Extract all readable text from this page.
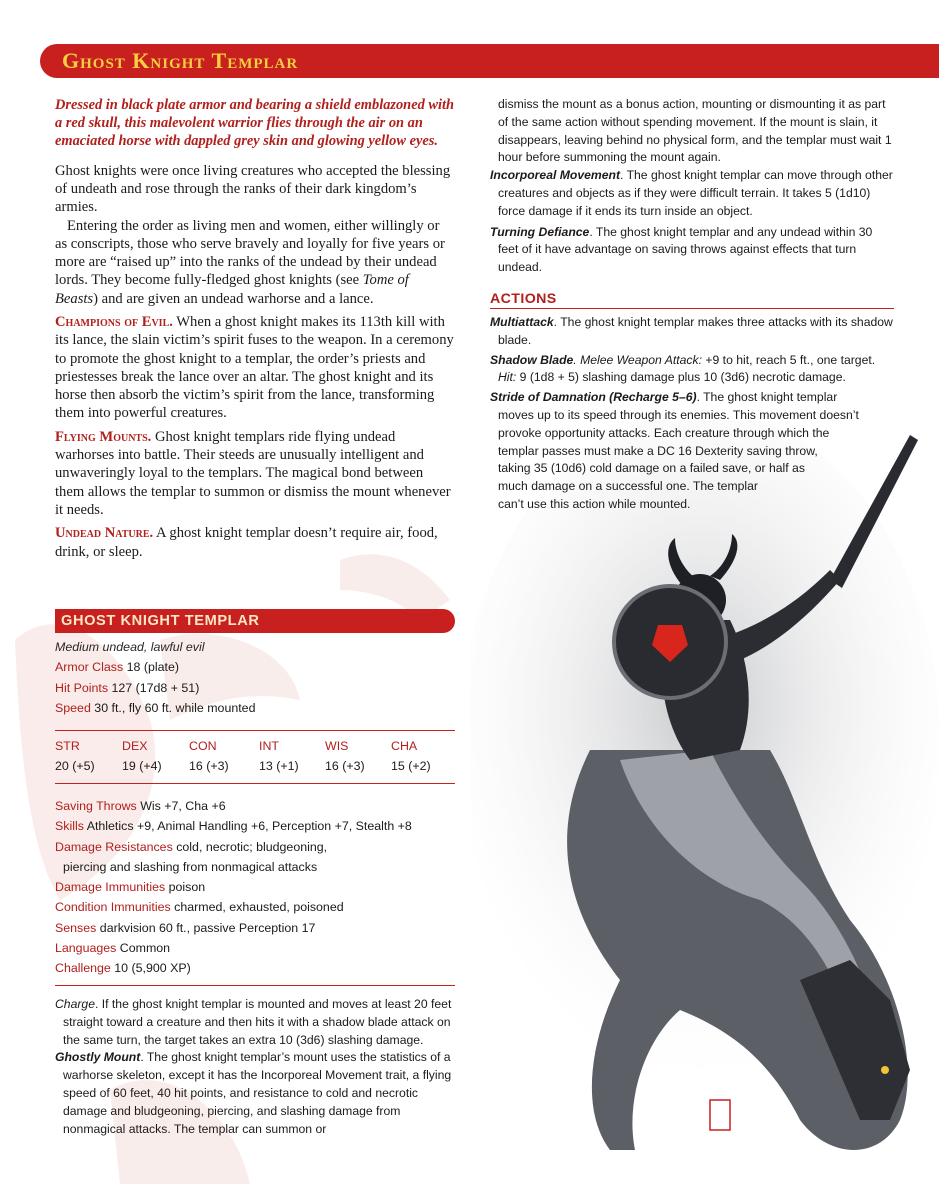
Ghost Knight Templar

Dressed in black plate armor and bearing a shield emblazoned with a red skull, this malevolent warrior flies through the air on an emaciated horse with dappled grey skin and glowing yellow eyes.

Ghost knights were once living creatures who accepted the blessing of undeath and rose through the ranks of their dark kingdom’s armies.

Entering the order as living men and women, either willingly or as conscripts, those who serve bravely and loyally for five years or more are “raised up” into the ranks of the undead by their undead lords. They become fully-fledged ghost knights (see Tome of Beasts) and are given an undead warhorse and a lance.

Champions of Evil. When a ghost knight makes its 113th kill with its lance, the slain victim’s spirit fuses to the weapon. In a ceremony to promote the ghost knight to a templar, the order’s priests and priestesses break the lance over an altar. The ghost knight and its horse then absorb the victim’s spirit from the lance, transforming them into powerful creatures.

Flying Mounts. Ghost knight templars ride flying undead warhorses into battle. Their steeds are unusually intelligent and unwaveringly loyal to the templars. The magical bond between them allows the templar to summon or dismiss the mount whenever it needs.

Undead Nature. A ghost knight templar doesn’t require air, food, drink, or sleep.

GHOST KNIGHT TEMPLAR
Medium undead, lawful evil
Armor Class 18 (plate)
Hit Points 127 (17d8 + 51)
Speed 30 ft., fly 60 ft. while mounted
STR
20 (+5)
DEX
19 (+4)
CON
16 (+3)
INT
13 (+1)
WIS
16 (+3)
CHA
15 (+2)
Saving Throws Wis +7, Cha +6
Skills Athletics +9, Animal Handling +6, Perception +7, Stealth +8
Damage Resistances cold, necrotic; bludgeoning,
piercing and slashing from nonmagical attacks
Damage Immunities poison
Condition Immunities charmed, exhausted, poisoned
Senses darkvision 60 ft., passive Perception 17
Languages Common
Challenge 10 (5,900 XP)

Charge. If the ghost knight templar is mounted and moves at least 20 feet straight toward a creature and then hits it with a shadow blade attack on the same turn, the target takes an extra 10 (3d6) slashing damage.

Ghostly Mount. The ghost knight templar’s mount uses the statistics of a warhorse skeleton, except it has the Incorporeal Movement trait, a flying speed of 60 feet, 40 hit points, and resistance to cold and necrotic damage and bludgeoning, piercing, and slashing damage from nonmagical attacks. The templar can summon or

dismiss the mount as a bonus action, mounting or dismounting it as part of the same action without spending movement. If the mount is slain, it disappears, leaving behind no physical form, and the templar must wait 1 hour before summoning the mount again.

Incorporeal Movement. The ghost knight templar can move through other creatures and objects as if they were difficult terrain. It takes 5 (1d10) force damage if it ends its turn inside an object.

Turning Defiance. The ghost knight templar and any undead within 30 feet of it have advantage on saving throws against effects that turn undead.

ACTIONS

Multiattack. The ghost knight templar makes three attacks with its shadow blade.

Shadow Blade. Melee Weapon Attack: +9 to hit, reach 5 ft., one target. Hit: 9 (1d8 + 5) slashing damage plus 10 (3d6) necrotic damage.

Stride of Damnation (Recharge 5–6). The ghost knight templar
moves up to its speed through its enemies. This movement doesn’t
provoke opportunity attacks. Each creature through which the
templar passes must make a DC 16 Dexterity saving throw,
taking 35 (10d6) cold damage on a failed save, or half as
much damage on a successful one. The templar
can’t use this action while mounted.
